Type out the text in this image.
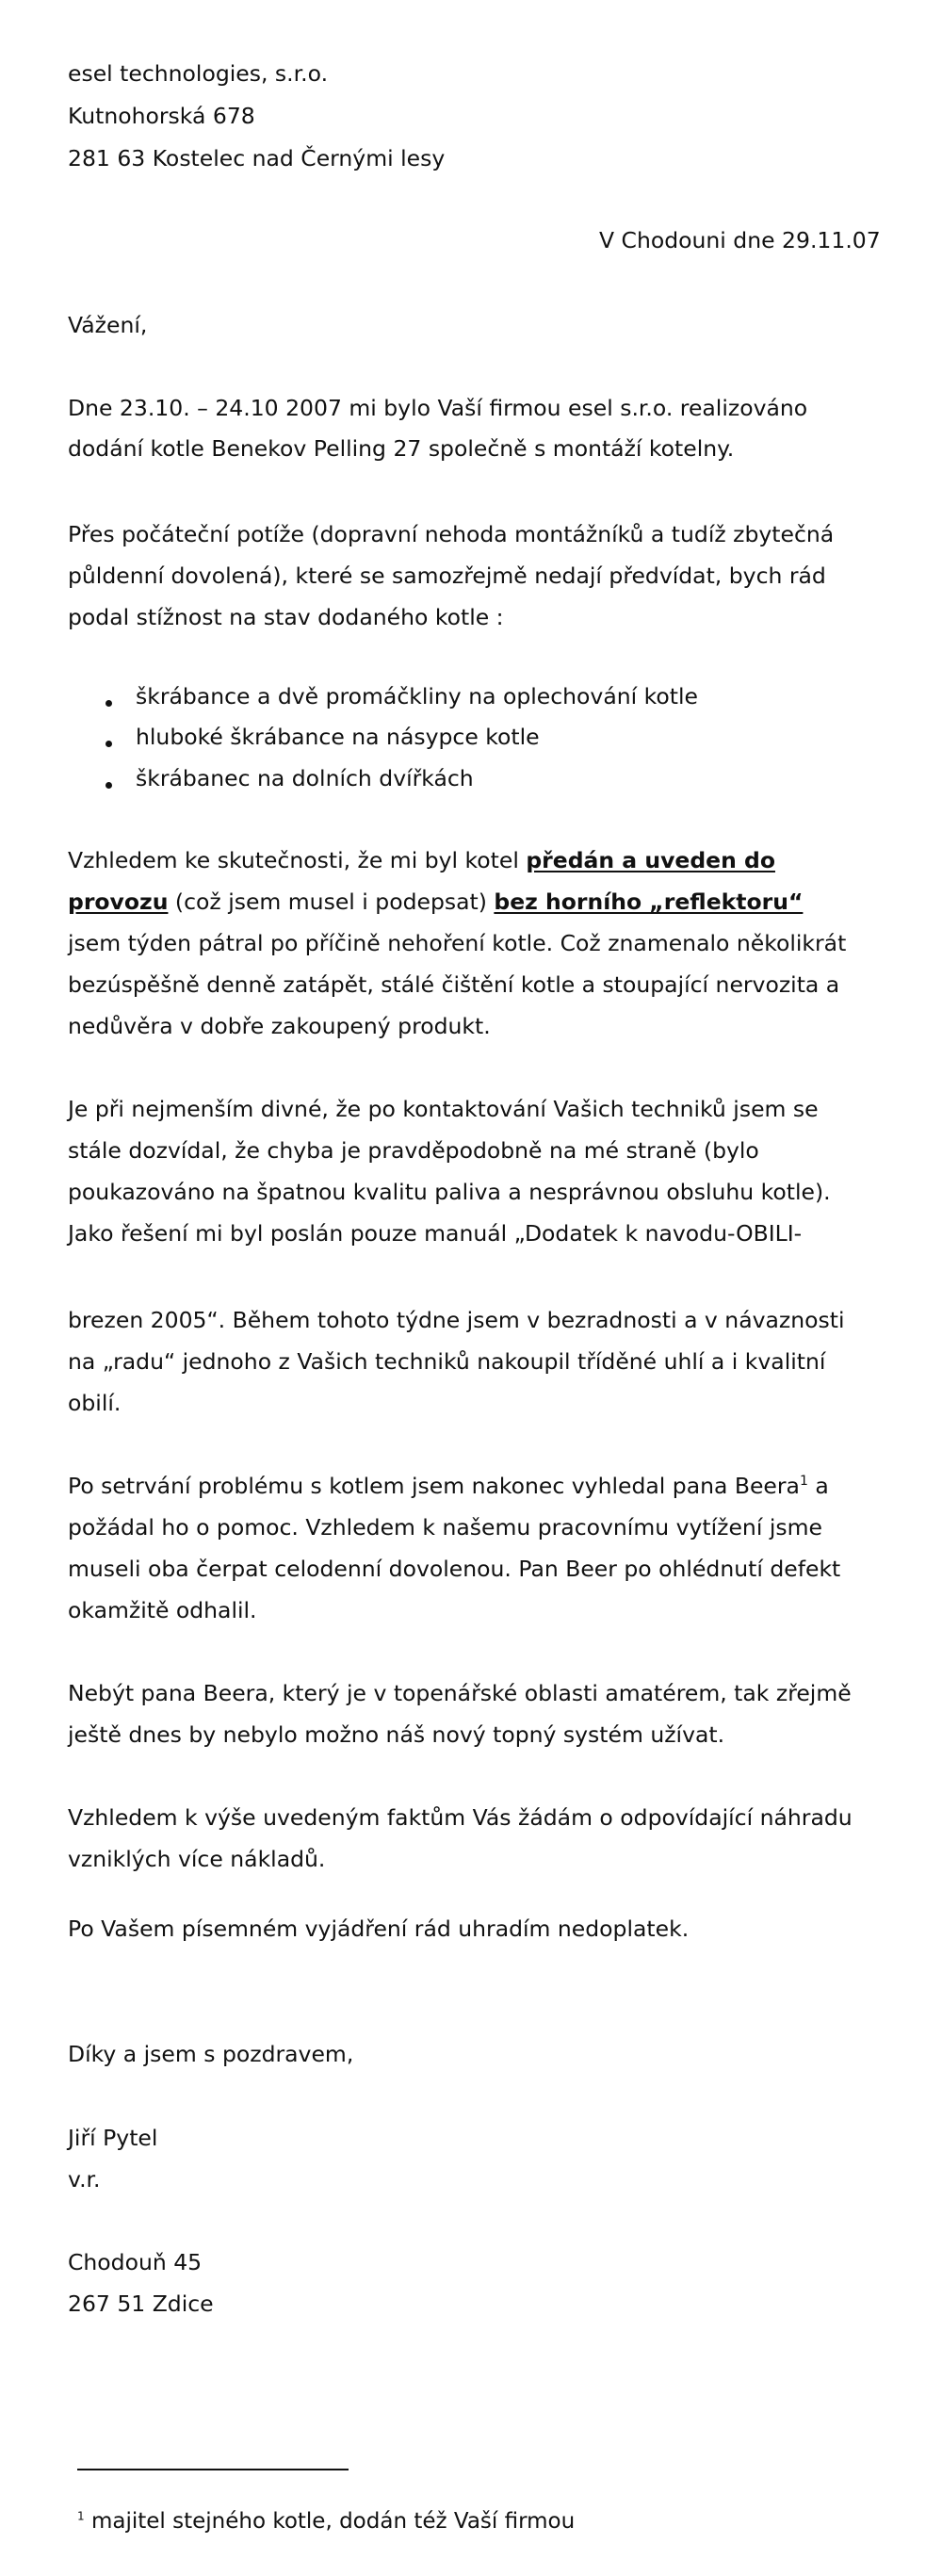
esel technologies, s.r.o.

Kutnohorská 678

281 63 Kostelec nad Černými lesy

V Chodouni dne 29.11.07

Vážení,

Dne 23.10. – 24.10 2007 mi bylo Vaší firmou esel s.r.o. realizováno

dodání kotle Benekov Pelling 27 společně s montáží kotelny.

Přes počáteční potíže (dopravní nehoda montážníků a tudíž zbytečná

půldenní dovolená), které se samozřejmě nedají předvídat, bych rád

podal stížnost na stav dodaného kotle :

škrábance a dvě promáčkliny na oplechování kotle

hluboké škrábance na násypce kotle

škrábanec na dolních dvířkách

Vzhledem ke skutečnosti, že mi byl kotel předán a uveden do

provozu (což jsem musel i podepsat) bez horního „reflektoru“

jsem týden pátral po příčině nehoření kotle. Což znamenalo několikrát

bezúspěšně denně zatápět, stálé čištění kotle a stoupající nervozita a

nedůvěra v dobře zakoupený produkt.

Je při nejmenším divné, že po kontaktování Vašich techniků jsem se

stále dozvídal, že chyba je pravděpodobně na mé straně (bylo

poukazováno na špatnou kvalitu paliva a nesprávnou obsluhu kotle).

Jako řešení mi byl poslán pouze manuál „Dodatek k navodu-OBILI-

brezen 2005“. Během tohoto týdne jsem v bezradnosti a v návaznosti

na „radu“ jednoho z Vašich techniků nakoupil tříděné uhlí a i kvalitní

obilí.

Po setrvání problému s kotlem jsem nakonec vyhledal pana Beera$^1$ a

požádal ho o pomoc. Vzhledem k našemu pracovnímu vytížení jsme

museli oba čerpat celodenní dovolenou. Pan Beer po ohlédnutí defekt

okamžitě odhalil.

Nebýt pana Beera, který je v topenářské oblasti amatérem, tak zřejmě

ještě dnes by nebylo možno náš nový topný systém užívat.

Vzhledem k výše uvedeným faktům Vás žádám o odpovídající náhradu

vzniklých více nákladů.

Po Vašem písemném vyjádření rád uhradím nedoplatek.

Díky a jsem s pozdravem,

Jiří Pytel

v.r.

Chodouň 45

267 51 Zdice

$^1$ majitel stejného kotle, dodán též Vaší firmou
